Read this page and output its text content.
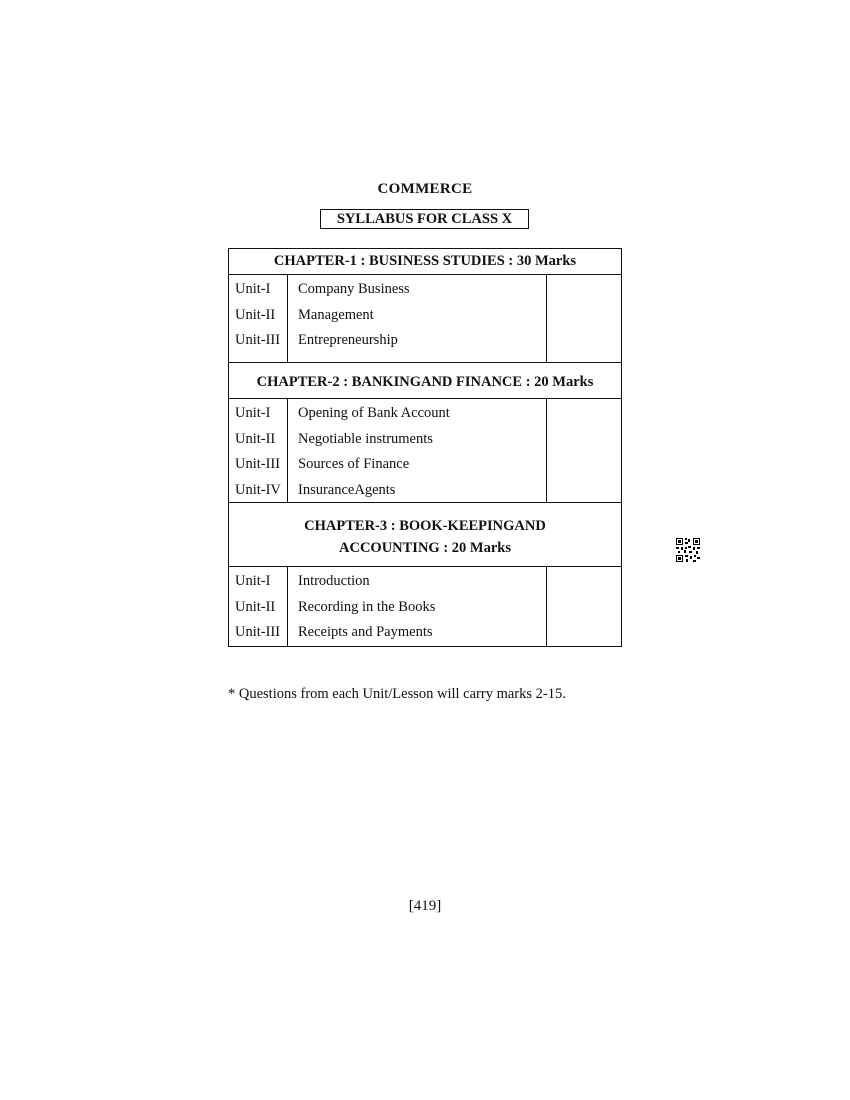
COMMERCE
SYLLABUS FOR CLASS X
CHAPTER-1 : BUSINESS STUDIES : 30 Marks
Unit-I
Unit-II
Unit-III
Company Business
Management
Entrepreneurship
CHAPTER-2 : BANKINGAND FINANCE : 20 Marks
Unit-I
Unit-II
Unit-III
Unit-IV
Opening of Bank Account
Negotiable instruments
Sources of Finance
InsuranceAgents
CHAPTER-3 : BOOK-KEEPINGAND
ACCOUNTING : 20 Marks
Unit-I
Unit-II
Unit-III
Introduction
Recording in the Books
Receipts and Payments
* Questions from each Unit/Lesson will carry marks 2-15.
[419]
